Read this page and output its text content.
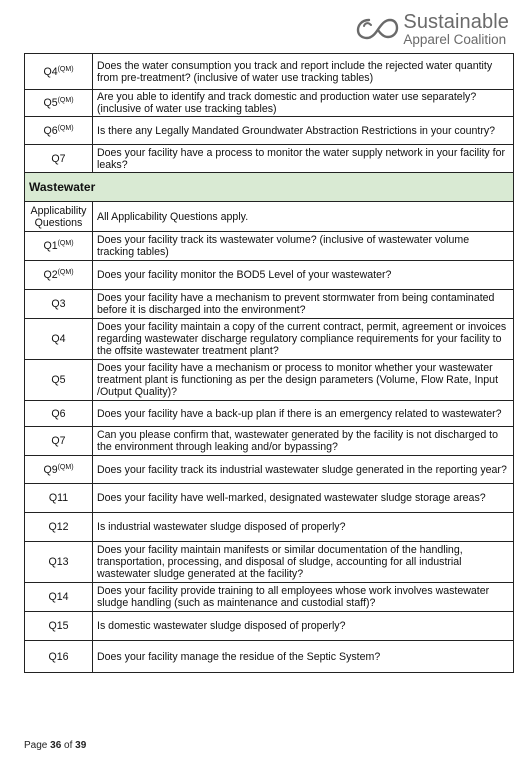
Sustainable
Apparel Coalition
$Q4^{(QM)}$	Does the water consumption you track and report include the rejected water quantity from pre-treatment? (inclusive of water use tracking tables)
$Q5^{(QM)}$	Are you able to identify and track domestic and production water use separately? (inclusive of water use tracking tables)
$Q6^{(QM)}$	Is there any Legally Mandated Groundwater Abstraction Restrictions in your country?
Q7	Does your facility have a process to monitor the water supply network in your facility for leaks?
Wastewater	
Applicability Questions	All Applicability Questions apply.
$Q1^{(QM)}$	Does your facility track its wastewater volume? (inclusive of wastewater volume tracking tables)
$Q2^{(QM)}$	Does your facility monitor the BOD5 Level of your wastewater?
Q3	Does your facility have a mechanism to prevent stormwater from being contaminated before it is discharged into the environment?
Q4	Does your facility maintain a copy of the current contract, permit, agreement or invoices regarding wastewater discharge regulatory compliance requirements for your facility to the offsite wastewater treatment plant?
Q5	Does your facility have a mechanism or process to monitor whether your wastewater treatment plant is functioning as per the design parameters (Volume, Flow Rate, Input /Output Quality)?
Q6	Does your facility have a back-up plan if there is an emergency related to wastewater?
Q7	Can you please confirm that, wastewater generated by the facility is not discharged to the environment through leaking and/or bypassing?
$Q9^{(QM)}$	Does your facility track its industrial wastewater sludge generated in the reporting year?
Q11	Does your facility have well-marked, designated wastewater sludge storage areas?
Q12	Is industrial wastewater sludge disposed of properly?
Q13	Does your facility maintain manifests or similar documentation of the handling, transportation, processing, and disposal of sludge, accounting for all industrial wastewater sludge generated at the facility?
Q14	Does your facility provide training to all employees whose work involves wastewater sludge handling (such as maintenance and custodial staff)?
Q15	Is domestic wastewater sludge disposed of properly?
Q16	Does your facility manage the residue of the Septic System?
Page 36 of 39
